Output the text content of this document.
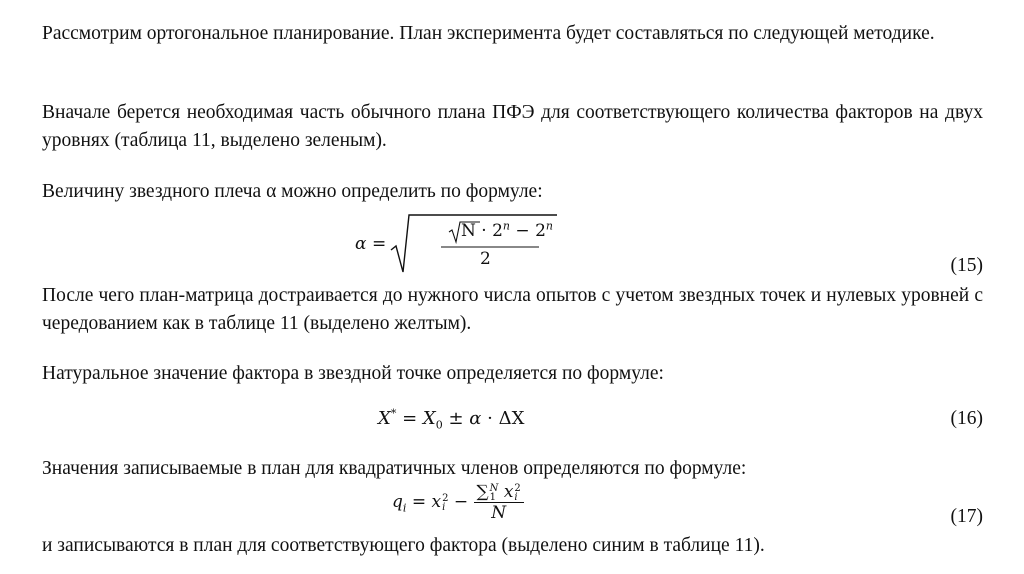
Рассмотрим ортогональное планирование. План эксперимента будет составляться по следующей методике.
Вначале берется необходимая часть обычного плана ПФЭ для соответствующего количества факторов на двух уровнях (таблица 11, выделено зеленым).
Величину звездного плеча α можно определить по формуле:
α =
$N \cdot 2^n - 2^n$
2	(15)
После чего план-матрица достраивается до нужного числа опытов с учетом звездных точек и нулевых уровней с чередованием как в таблице 11 (выделено желтым).
Натуральное значение фактора в звездной точке определяется по формуле:
$X^* = X_0 \pm \alpha \cdot \Delta X$	(16)
Значения записываемые в план для квадратичных членов определяются по формуле:
$q_i = x2$
i − ∑N
1 x2
i
N	(17)
и записываются в план для соответствующего фактора (выделено синим в таблице 11).
